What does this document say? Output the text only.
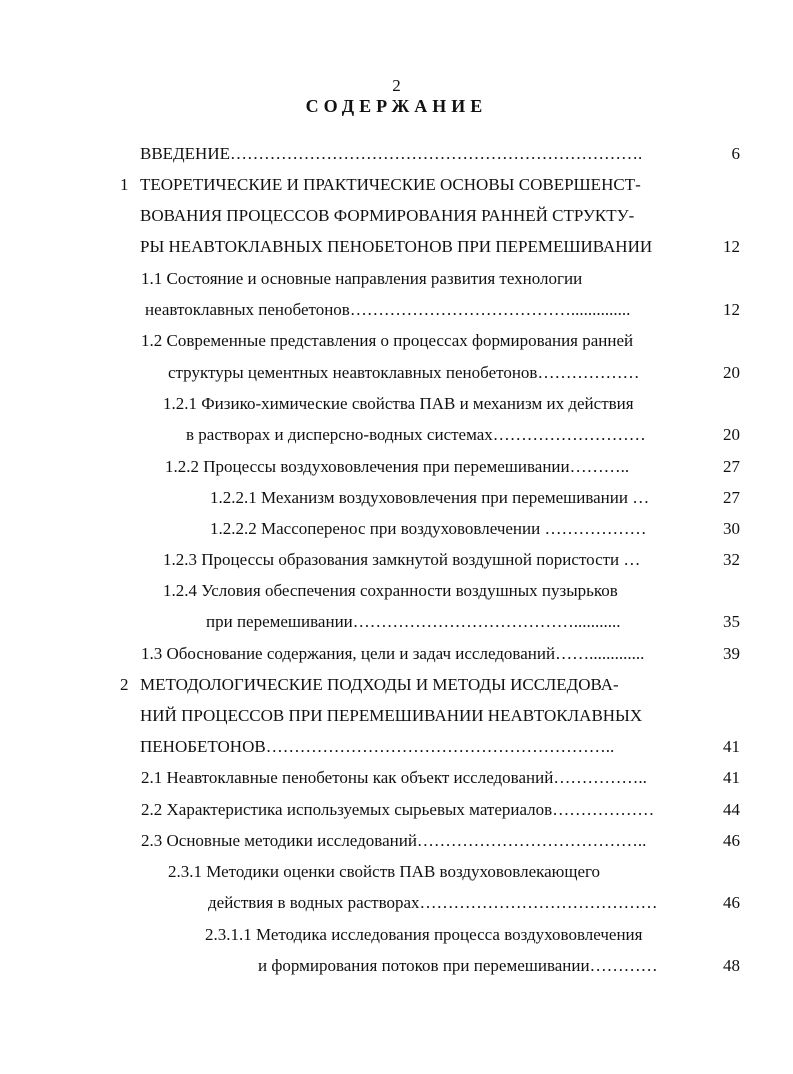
2
СОДЕРЖАНИЕ
ВВЕДЕНИЕ……………………………………………………………….	6
1 ТЕОРЕТИЧЕСКИЕ И ПРАКТИЧЕСКИЕ ОСНОВЫ СОВЕРШЕНСТ-
ВОВАНИЯ ПРОЦЕССОВ ФОРМИРОВАНИЯ РАННЕЙ СТРУКТУ-
РЫ НЕАВТОКЛАВНЫХ ПЕНОБЕТОНОВ ПРИ ПЕРЕМЕШИВАНИИ	12
1.1 Состояние и основные направления развития технологии
неавтоклавных пенобетонов…………………………………..............	12
1.2 Современные представления о процессах формирования ранней
структуры цементных неавтоклавных пенобетонов………………	20
1.2.1 Физико-химические свойства ПАВ и механизм их действия
в растворах и дисперсно-водных системах………………………	20
1.2.2 Процессы воздухововлечения при перемешивании………..	27
1.2.2.1 Механизм воздухововлечения при перемешивании …	27
1.2.2.2 Массоперенос при воздухововлечении ………………	30
1.2.3 Процессы образования замкнутой воздушной пористости …	32
1.2.4 Условия обеспечения сохранности воздушных пузырьков
при перемешивании…………………………………...........	35
1.3 Обоснование содержания, цели и задач исследований…….............	39
2 МЕТОДОЛОГИЧЕСКИЕ ПОДХОДЫ И МЕТОДЫ ИССЛЕДОВА-
НИЙ ПРОЦЕССОВ ПРИ ПЕРЕМЕШИВАНИИ НЕАВТОКЛАВНЫХ
ПЕНОБЕТОНОВ……………………………………………………..	41
2.1 Неавтоклавные пенобетоны как объект исследований……………..	41
2.2 Характеристика используемых сырьевых материалов………………	44
2.3 Основные методики исследований…………………………………..	46
2.3.1 Методики оценки свойств ПАВ воздухововлекающего
действия в водных растворах……………………………………	46
2.3.1.1 Методика исследования процесса воздухововлечения
и формирования потоков при перемешивании…………	48
